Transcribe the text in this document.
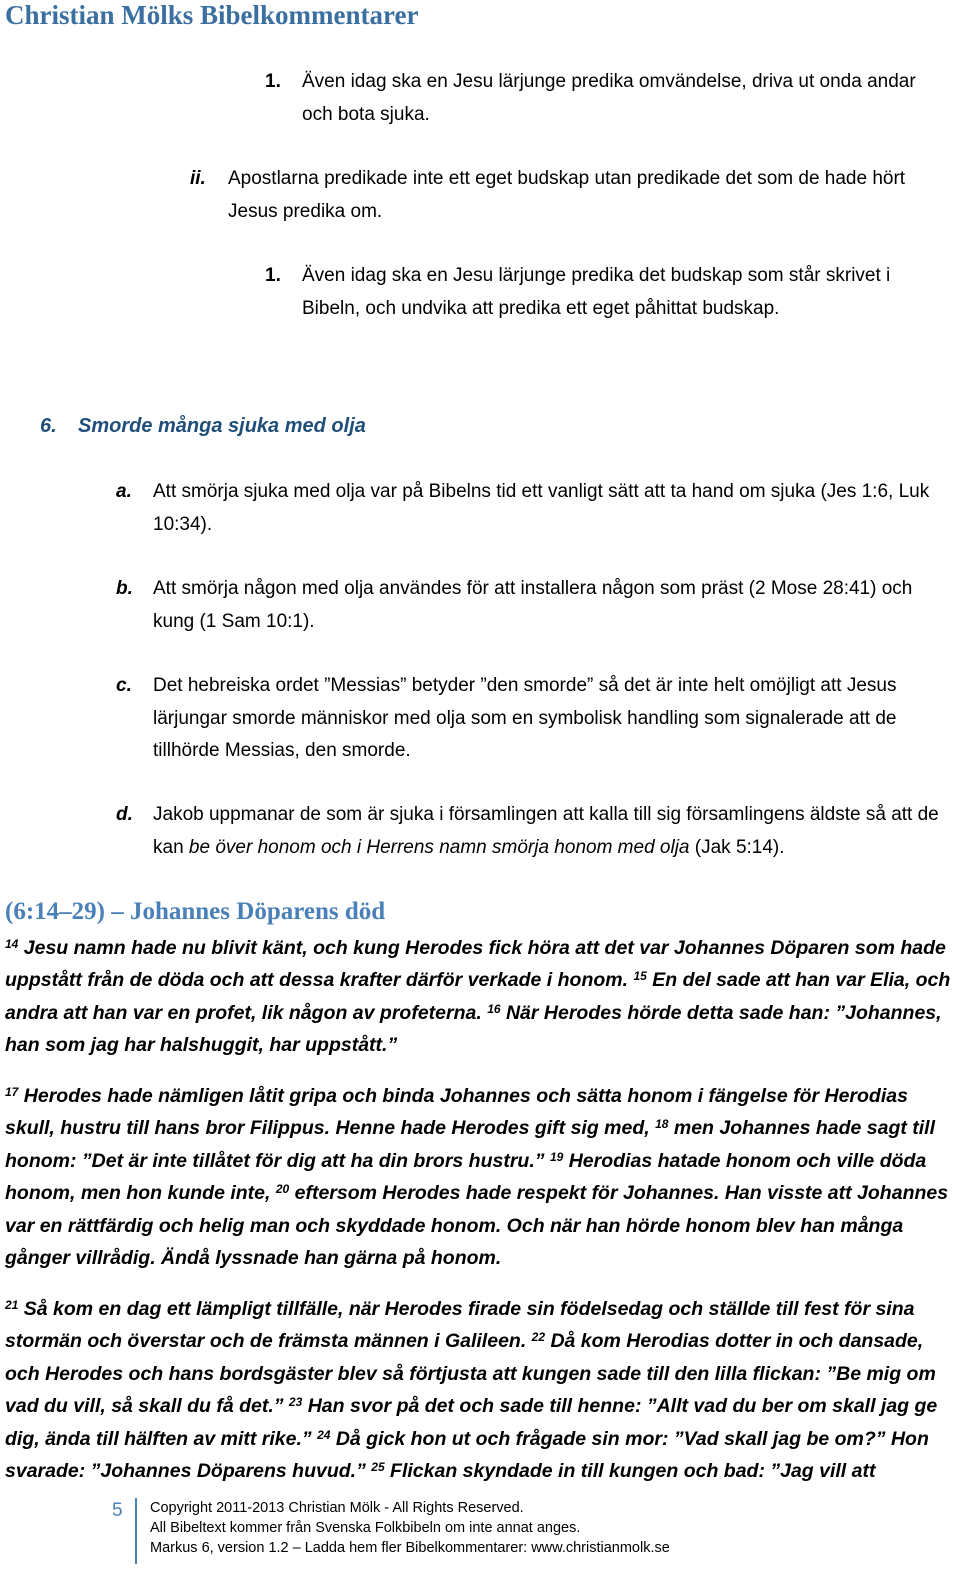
Christian Mölks Bibelkommentarer
1. Även idag ska en Jesu lärjunge predika omvändelse, driva ut onda andar och bota sjuka.
ii. Apostlarna predikade inte ett eget budskap utan predikade det som de hade hört Jesus predika om.
1. Även idag ska en Jesu lärjunge predika det budskap som står skrivet i Bibeln, och undvika att predika ett eget påhittat budskap.
6. Smorde många sjuka med olja
a. Att smörja sjuka med olja var på Bibelns tid ett vanligt sätt att ta hand om sjuka (Jes 1:6, Luk 10:34).
b. Att smörja någon med olja användes för att installera någon som präst (2 Mose 28:41) och kung (1 Sam 10:1).
c. Det hebreiska ordet ”Messias” betyder ”den smorde” så det är inte helt omöjligt att Jesus lärjungar smorde människor med olja som en symbolisk handling som signalerade att de tillhörde Messias, den smorde.
d. Jakob uppmanar de som är sjuka i församlingen att kalla till sig församlingens äldste så att de kan be över honom och i Herrens namn smörja honom med olja (Jak 5:14).
(6:14–29) – Johannes Döparens död
$^{14}$ Jesu namn hade nu blivit känt, och kung Herodes fick höra att det var Johannes Döparen som hade uppstått från de döda och att dessa krafter därför verkade i honom. $^{15}$ En del sade att han var Elia, och andra att han var en profet, lik någon av profeterna. $^{16}$ När Herodes hörde detta sade han: ”Johannes, han som jag har halshuggit, har uppstått.”
$^{17}$ Herodes hade nämligen låtit gripa och binda Johannes och sätta honom i fängelse för Herodias skull, hustru till hans bror Filippus. Henne hade Herodes gift sig med, $^{18}$ men Johannes hade sagt till honom: ”Det är inte tillåtet för dig att ha din brors hustru.” $^{19}$ Herodias hatade honom och ville döda honom, men hon kunde inte, $^{20}$ eftersom Herodes hade respekt för Johannes. Han visste att Johannes var en rättfärdig och helig man och skyddade honom. Och när han hörde honom blev han många gånger villrådig. Ändå lyssnade han gärna på honom.
$^{21}$ Så kom en dag ett lämpligt tillfälle, när Herodes firade sin födelsedag och ställde till fest för sina stormän och överstar och de främsta männen i Galileen. $^{22}$ Då kom Herodias dotter in och dansade, och Herodes och hans bordsgäster blev så förtjusta att kungen sade till den lilla flickan: ”Be mig om vad du vill, så skall du få det.” $^{23}$ Han svor på det och sade till henne: ”Allt vad du ber om skall jag ge dig, ända till hälften av mitt rike.” $^{24}$ Då gick hon ut och frågade sin mor: ”Vad skall jag be om?” Hon svarade: ”Johannes Döparens huvud.” $^{25}$ Flickan skyndade in till kungen och bad: ”Jag vill att
5 Copyright 2011-2013 Christian Mölk - All Rights Reserved.
All Bibeltext kommer från Svenska Folkbibeln om inte annat anges.
Markus 6, version 1.2 – Ladda hem fler Bibelkommentarer: www.christianmolk.se
